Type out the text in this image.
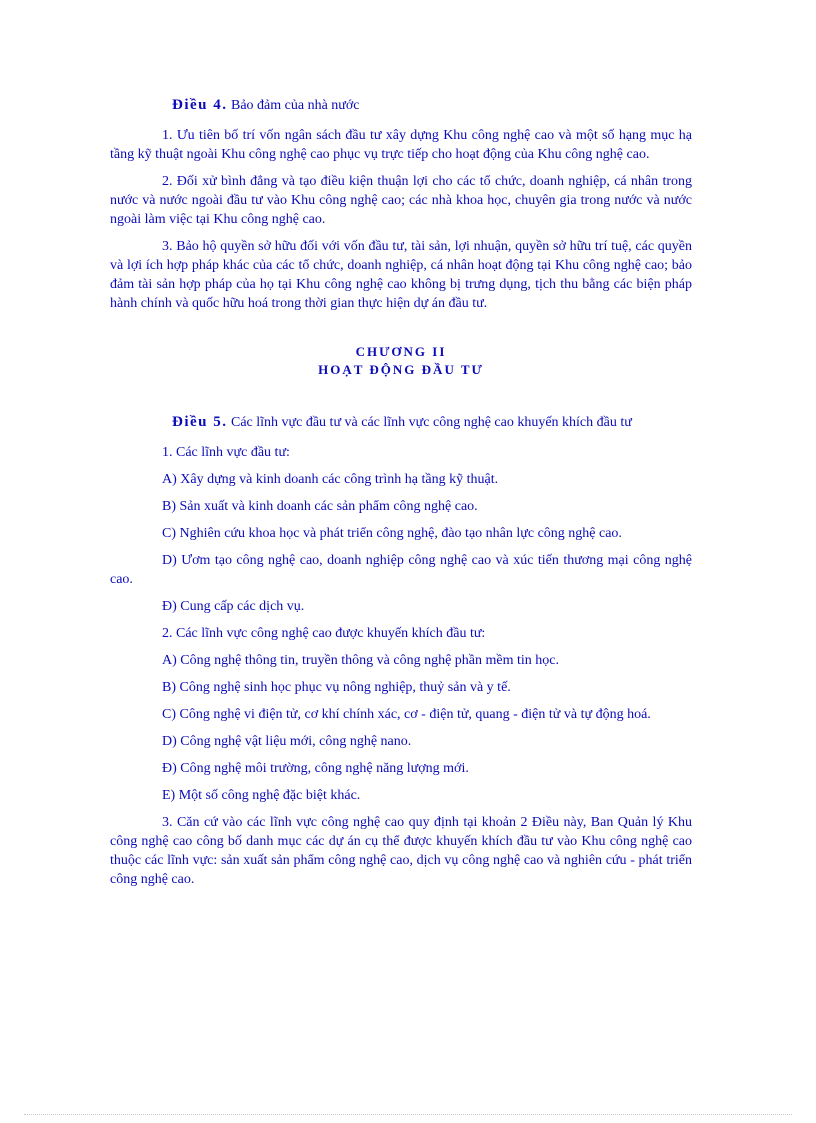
Điều 4. Bảo đảm của nhà nước

1. Ưu tiên bố trí vốn ngân sách đầu tư xây dựng Khu công nghệ cao và một số hạng mục hạ tầng kỹ thuật ngoài Khu công nghệ cao phục vụ trực tiếp cho hoạt động của Khu công nghệ cao.

2. Đối xử bình đẳng và tạo điều kiện thuận lợi cho các tổ chức, doanh nghiệp, cá nhân trong nước và nước ngoài đầu tư vào Khu công nghệ cao; các nhà khoa học, chuyên gia trong nước và nước ngoài làm việc tại Khu công nghệ cao.

3. Bảo hộ quyền sở hữu đối với vốn đầu tư, tài sản, lợi nhuận, quyền sở hữu trí tuệ, các quyền và lợi ích hợp pháp khác của các tổ chức, doanh nghiệp, cá nhân hoạt động tại Khu công nghệ cao; bảo đảm tài sản hợp pháp của họ tại Khu công nghệ cao không bị trưng dụng, tịch thu bằng các biện pháp hành chính và quốc hữu hoá trong thời gian thực hiện dự án đầu tư.

CHƯƠNG II

HOẠT ĐỘNG ĐẦU TƯ

Điều 5. Các lĩnh vực đầu tư và các lĩnh vực công nghệ cao khuyến khích đầu tư

1. Các lĩnh vực đầu tư:

A) Xây dựng và kinh doanh các công trình hạ tầng kỹ thuật.

B) Sản xuất và kinh doanh các sản phẩm công nghệ cao.

C) Nghiên cứu khoa học và phát triển công nghệ, đào tạo nhân lực công nghệ cao.

D) Ươm tạo công nghệ cao, doanh nghiệp công nghệ cao và xúc tiến thương mại công nghệ cao.

Đ) Cung cấp các dịch vụ.

2. Các lĩnh vực công nghệ cao được khuyến khích đầu tư:

A) Công nghệ thông tin, truyền thông và công nghệ phần mềm tin học.

B) Công nghệ sinh học phục vụ nông nghiệp, thuỷ sản và y tế.

C) Công nghệ vi điện tử, cơ khí chính xác, cơ - điện tử, quang - điện tử và tự động hoá.

D) Công nghệ vật liệu mới, công nghệ nano.

Đ) Công nghệ môi trường, công nghệ năng lượng mới.

E) Một số công nghệ đặc biệt khác.

3. Căn cứ vào các lĩnh vực công nghệ cao quy định tại khoản 2 Điều này, Ban Quản lý Khu công nghệ cao công bố danh mục các dự án cụ thể được khuyến khích đầu tư vào Khu công nghệ cao thuộc các lĩnh vực: sản xuất sản phẩm công nghệ cao, dịch vụ công nghệ cao và nghiên cứu - phát triển công nghệ cao.
